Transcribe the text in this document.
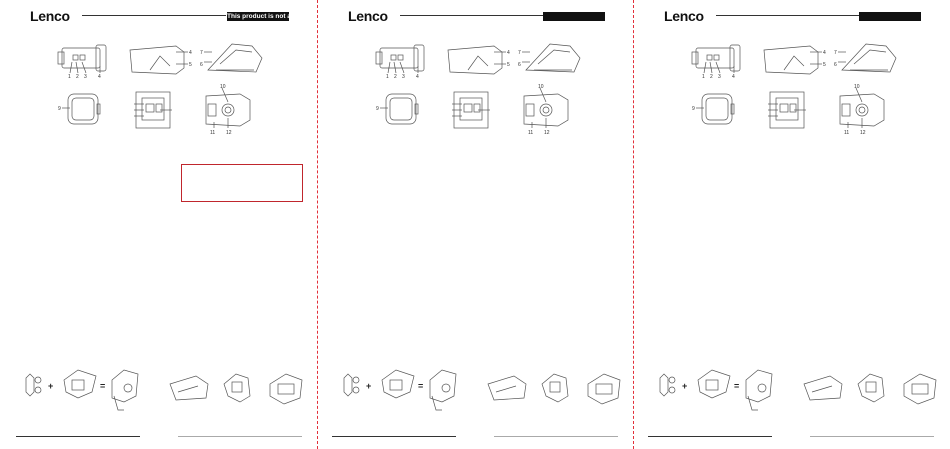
Lenco	This product is not a toy
1 2 3 4
4
5 6
7
9
10
11 12
+	=
Lenco
1 2 3 4
4
5 6
7
9
10
11 12
+	=
Lenco
1 2 3 4
4
5 6
7
9
10
11 12
+	=
